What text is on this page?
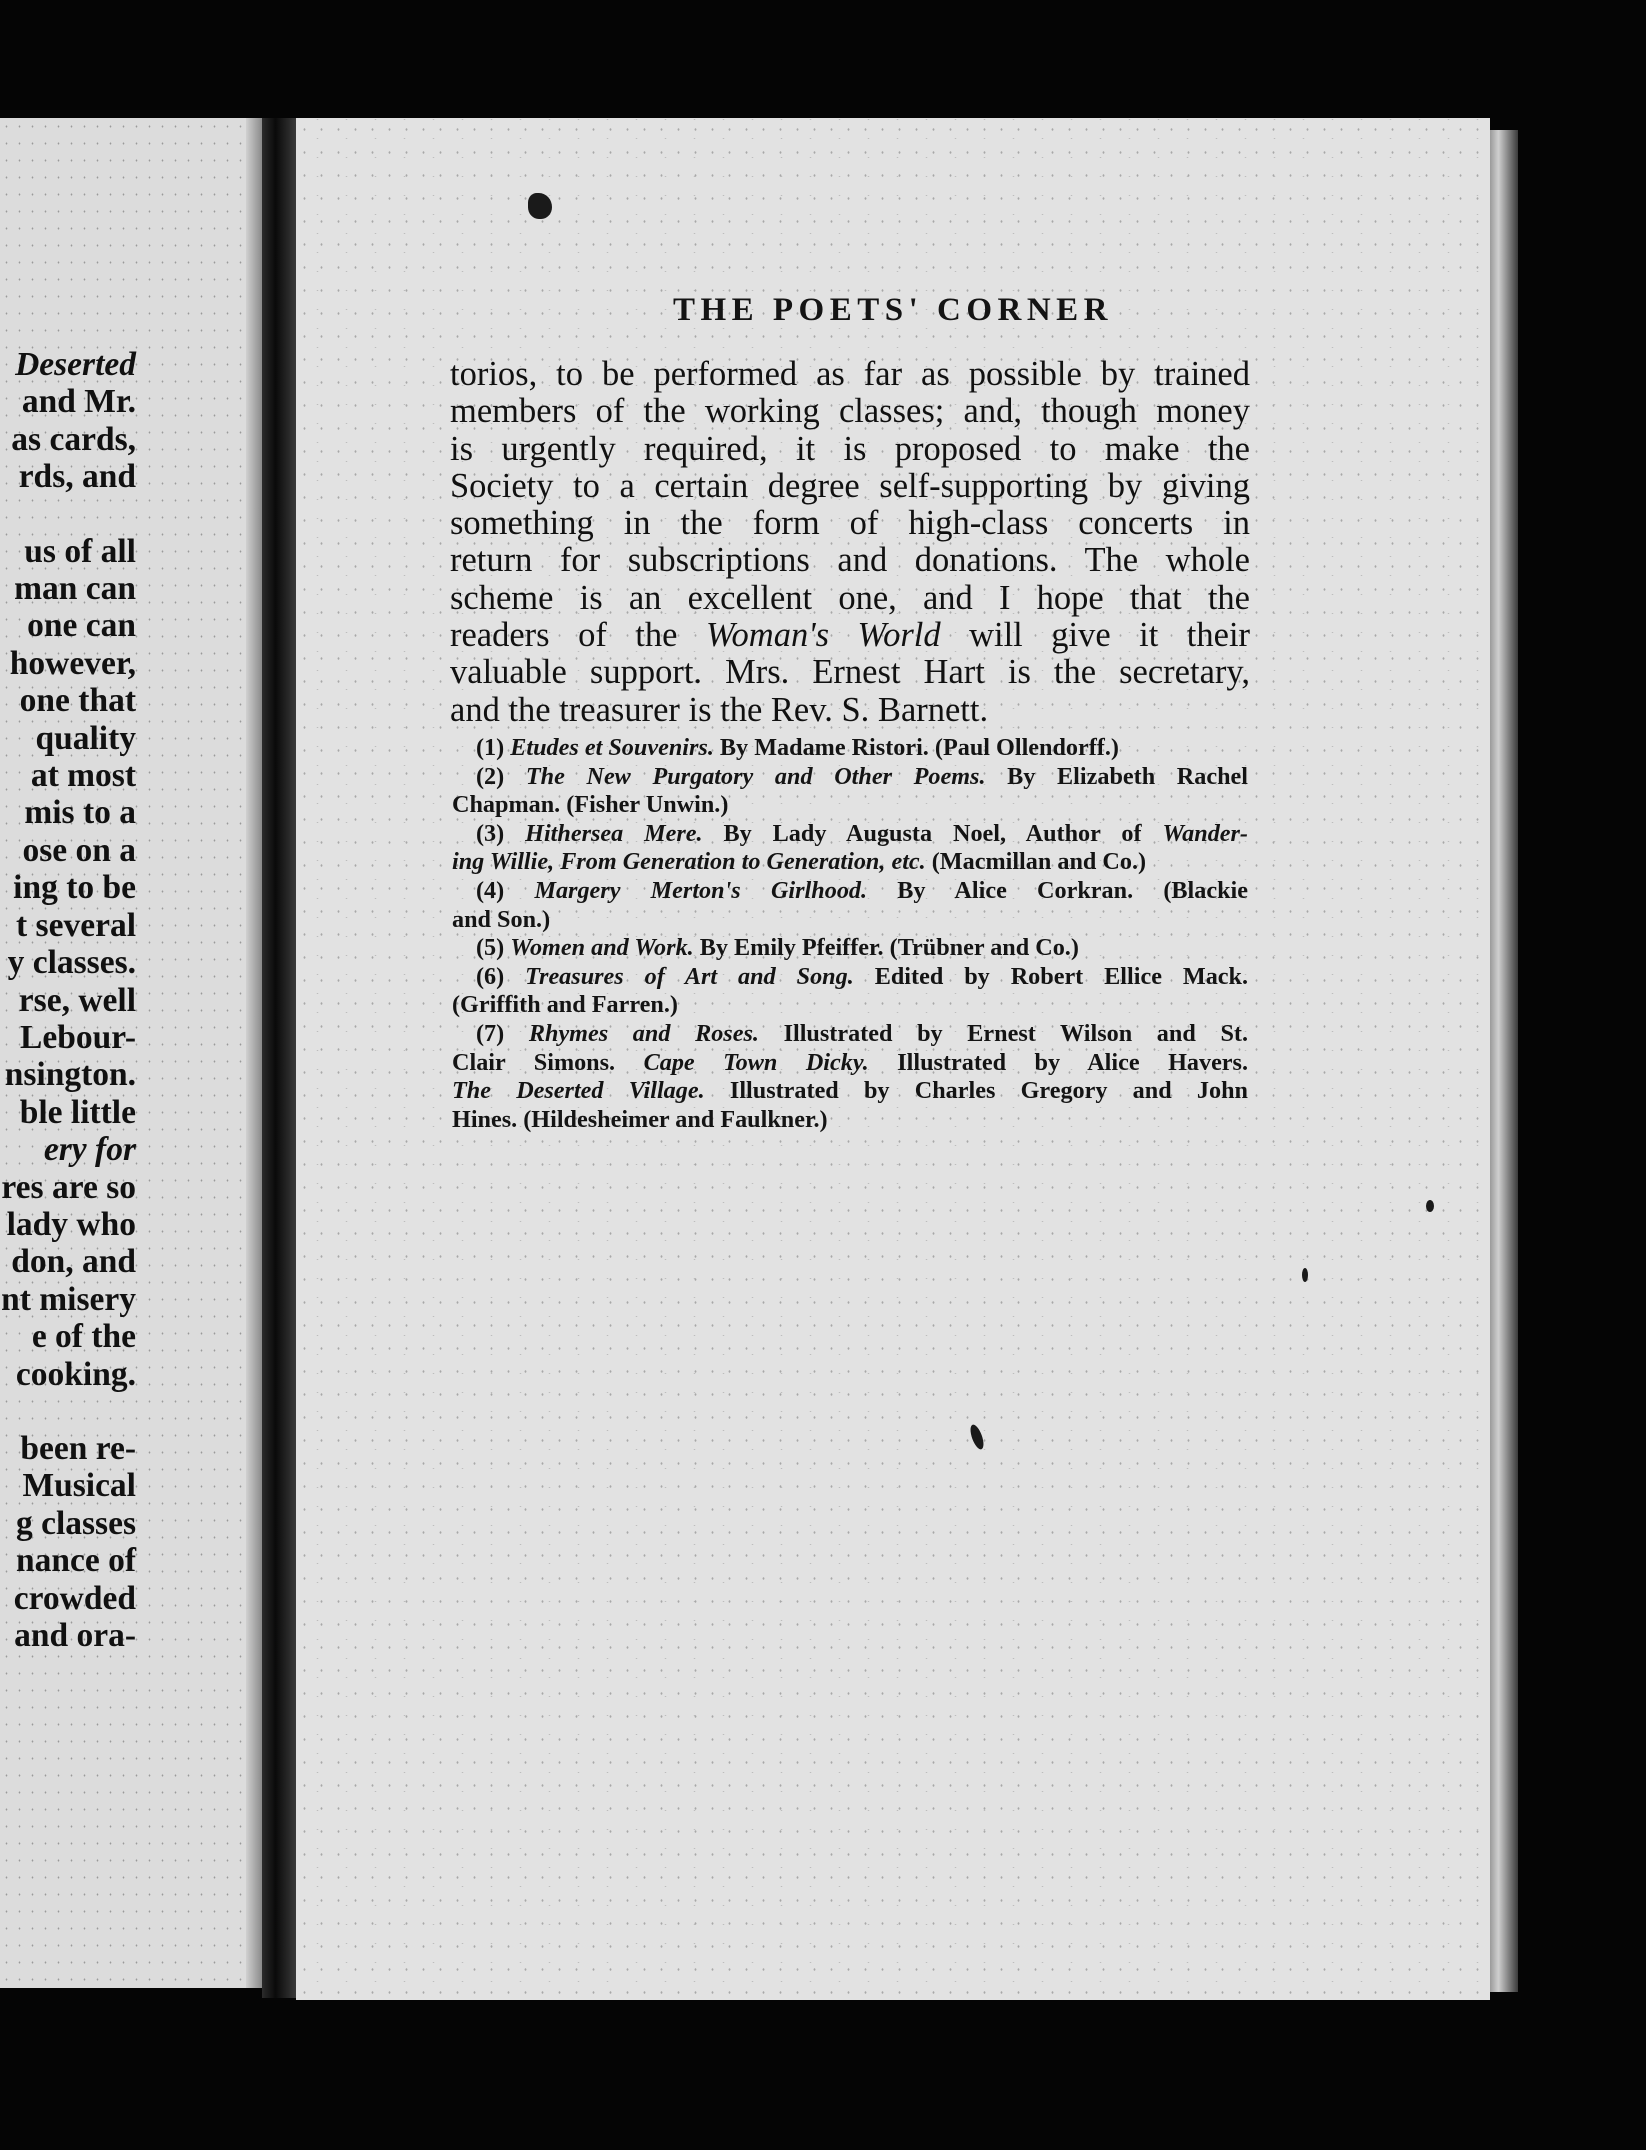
Deserted
and Mr.
as cards,
rds, and
us of all
man can
one can
however,
one that
quality
at most
mis to a
ose on a
ing to be
t several
y classes.
rse, well
Lebour-
nsington.
ble little
ery for
res are so
lady who
don, and
nt misery
e of the
cooking.
been re-
Musical
g classes
nance of
crowded
and ora-
THE POETS' CORNER
torios, to be performed as far as possible by trained
members of the working classes; and, though money
is urgently required, it is proposed to make the
Society to a certain degree self-supporting by giving
something in the form of high-class concerts in
return for subscriptions and donations. The whole
scheme is an excellent one, and I hope that the
readers of the Woman's World will give it their
valuable support. Mrs. Ernest Hart is the secretary,
and the treasurer is the Rev. S. Barnett.
(1) Etudes et Souvenirs. By Madame Ristori. (Paul Ollendorff.)
(2) The New Purgatory and Other Poems. By Elizabeth Rachel
Chapman. (Fisher Unwin.)
(3) Hithersea Mere. By Lady Augusta Noel, Author of Wander-
ing Willie, From Generation to Generation, etc. (Macmillan and Co.)
(4) Margery Merton's Girlhood. By Alice Corkran. (Blackie
and Son.)
(5) Women and Work. By Emily Pfeiffer. (Trübner and Co.)
(6) Treasures of Art and Song. Edited by Robert Ellice Mack.
(Griffith and Farren.)
(7) Rhymes and Roses. Illustrated by Ernest Wilson and St.
Clair Simons. Cape Town Dicky. Illustrated by Alice Havers.
The Deserted Village. Illustrated by Charles Gregory and John
Hines. (Hildesheimer and Faulkner.)
